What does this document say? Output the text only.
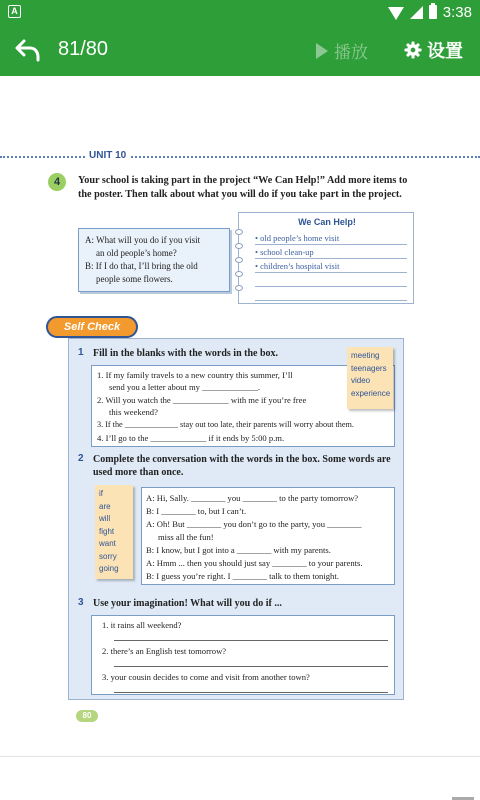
A	3:38
81/80	播放	设置
UNIT 10
4	Your school is taking part in the project “We Can Help!” Add more items to the poster. Then talk about what you will do if you take part in the project.
A: What will you do if you visit
an old people’s home?
B: If I do that, I’ll bring the old
people some flowers.
We Can Help!
• old people’s home visit
• school clean-up
• children’s hospital visit
Self Check
1 Fill in the blanks with the words in the box.
1. If my family travels to a new country this summer, I’ll
send you a letter about my _____________.
2. Will you watch the _____________ with me if you’re free
this weekend?
3. If the _____________ stay out too late, their parents will worry about them.
4. I’ll go to the _____________ if it ends by 5:00 p.m.
meeting
teenagers
video
experience
2 Complete the conversation with the words in the box. Some words are used more than once.
A: Hi, Sally. ________ you ________ to the party tomorrow?
B: I ________ to, but I can’t.
A: Oh! But ________ you don’t go to the party, you ________
miss all the fun!
B: I know, but I got into a ________ with my parents.
A: Hmm ... then you should just say ________ to your parents.
B: I guess you’re right. I ________ talk to them tonight.
if
are
will
fight
want
sorry
going
3 Use your imagination! What will you do if ...
1. it rains all weekend?
2. there’s an English test tomorrow?
3. your cousin decides to come and visit from another town?
80
